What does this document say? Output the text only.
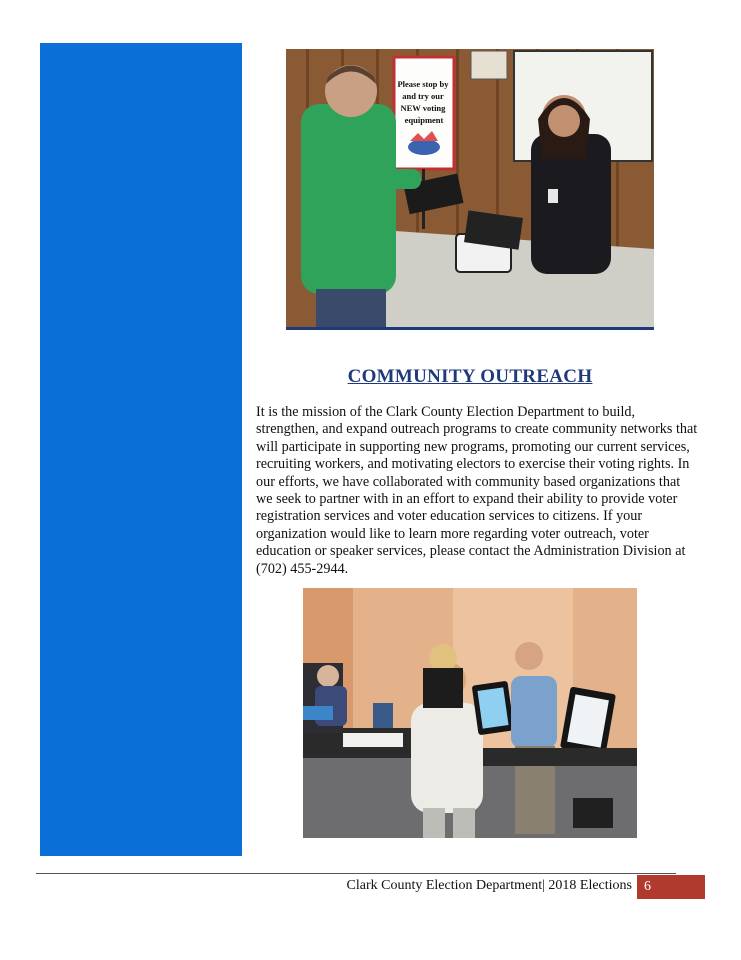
Please stop by and try our NEW voting equipment
COMMUNITY OUTREACH

It is the mission of the Clark County Election Department to build, strengthen, and expand outreach programs to create community networks that will participate in supporting new programs, promoting our current services, recruiting workers, and motivating electors to exercise their voting rights. In our efforts, we have collaborated with community based organizations that we seek to partner with in an effort to expand their ability to provide voter registration services and voter education services to citizens. If your organization would like to learn more regarding voter outreach, voter education or speaker services, please contact the Administration Division at (702) 455-2944.

Clark County Election Department| 2018 Elections 6
